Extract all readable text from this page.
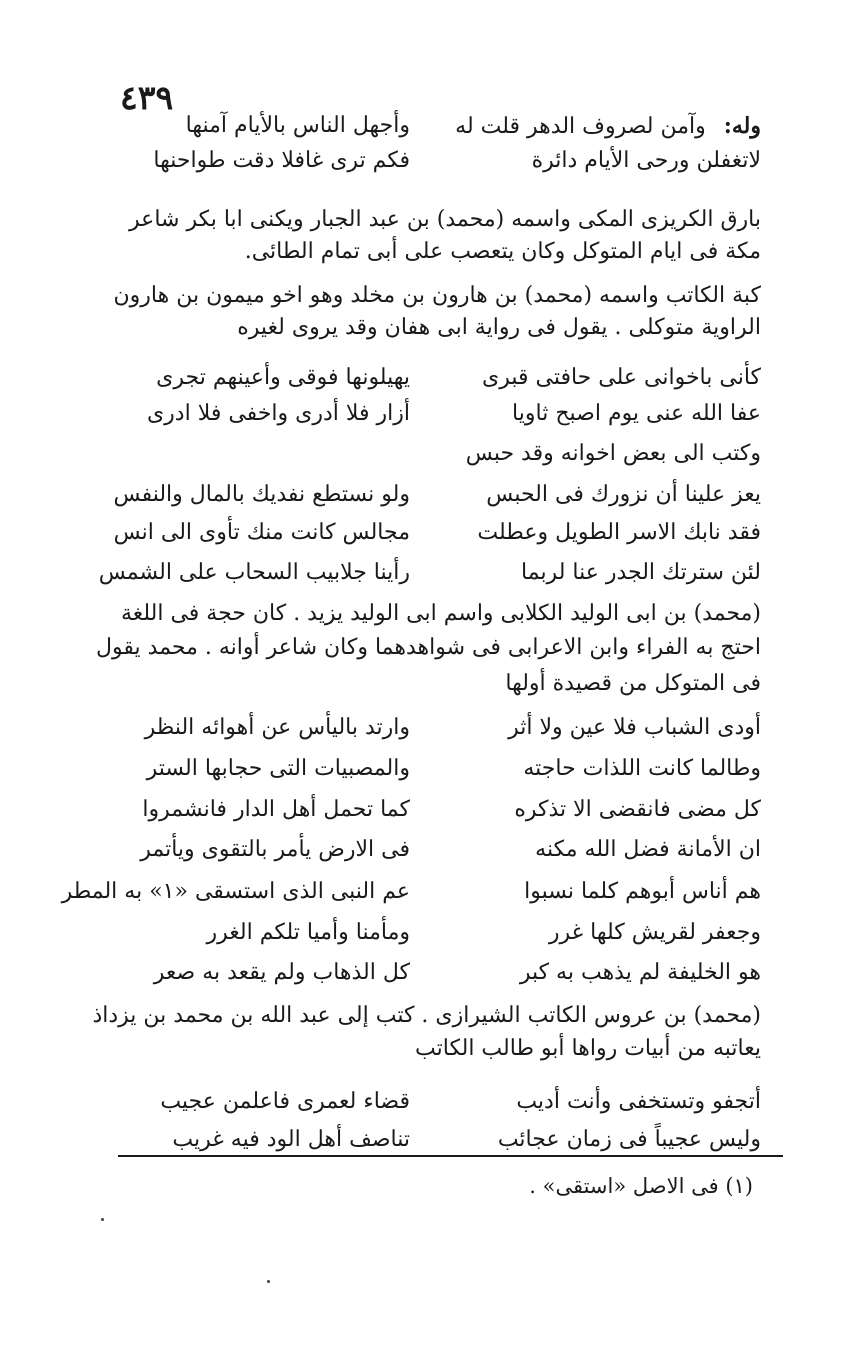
٤٣٩
وله:وآمن لصروف الدهر قلت له
وأجهل الناس بالأيام آمنها
لاتغفلن ورحى الأيام دائرة
فكم ترى غافلا دقت طواحنها
بارق الكريزى المكى واسمه (محمد) بن عبد الجبار ويكنى ابا بكر شاعر
مكة فى ايام المتوكل وكان يتعصب على أبى تمام الطائى.
كبة الكاتب واسمه (محمد) بن هارون بن مخلد وهو اخو ميمون بن هارون
الراوية متوكلى . يقول فى رواية ابى هفان وقد يروى لغيره
كأنى باخوانى على حافتى قبرى
يهيلونها فوقى وأعينهم تجرى
عفا الله عنى يوم اصبح ثاويا
أزار فلا أدرى واخفى فلا ادرى
وكتب الى بعض اخوانه وقد حبس
يعز علينا أن نزورك فى الحبس
ولو نستطع نفديك بالمال والنفس
فقد نابك الاسر الطويل وعطلت
مجالس كانت منك تأوى الى انس
لئن سترتك الجدر عنا لربما
رأينا جلابيب السحاب على الشمس
(محمد) بن ابى الوليد الكلابى واسم ابى الوليد يزيد . كان حجة فى اللغة
احتج به الفراء وابن الاعرابى فى شواهدهما وكان شاعر أوانه . محمد يقول
فى المتوكل من قصيدة أولها
أودى الشباب فلا عين ولا أثر
وارتد باليأس عن أهوائه النظر
وطالما كانت اللذات حاجته
والمصبيات التى حجابها الستر
كل مضى فانقضى الا تذكره
كما تحمل أهل الدار فانشمروا
ان الأمانة فضل الله مكنه
فى الارض يأمر بالتقوى ويأتمر
هم أناس أبوهم كلما نسبوا
عم النبى الذى استسقى «١» به المطر
وجعفر لقريش كلها غرر
ومأمنا وأميا تلكم الغرر
هو الخليفة لم يذهب به كبر
كل الذهاب ولم يقعد به صعر
(محمد) بن عروس الكاتب الشيرازى . كتب إلى عبد الله بن محمد بن يزداذ
يعاتبه من أبيات رواها أبو طالب الكاتب
أتجفو وتستخفى وأنت أديب
قضاء لعمرى فاعلمن عجيب
وليس عجيباً فى زمان عجائب
تناصف أهل الود فيه غريب
(١) فى الاصل «استقى» .
